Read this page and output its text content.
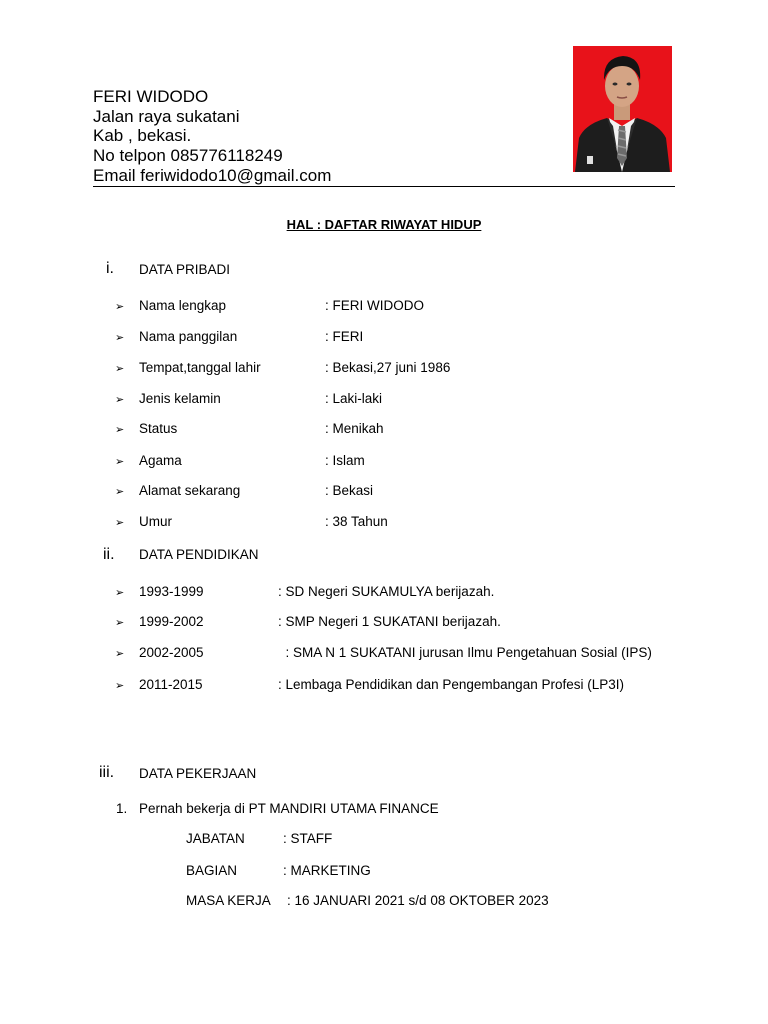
FERI WIDODO
Jalan raya sukatani
Kab , bekasi.
No telpon 085776118249
Email feriwidodo10@gmail.com
HAL : DAFTAR RIWAYAT HIDUP
i. DATA PRIBADI
➢ Nama lengkap	: FERI WIDODO
➢ Nama panggilan	: FERI
➢ Tempat,tanggal lahir	: Bekasi,27 juni 1986
➢ Jenis kelamin	: Laki-laki
➢ Status	: Menikah
➢ Agama	: Islam
➢ Alamat sekarang	: Bekasi
➢ Umur	: 38 Tahun
ii. DATA PENDIDIKAN
➢ 1993-1999	: SD Negeri SUKAMULYA berijazah.
➢ 1999-2002	: SMP Negeri 1 SUKATANI berijazah.
➢ 2002-2005	: SMA N 1 SUKATANI jurusan Ilmu Pengetahuan Sosial (IPS)
➢ 2011-2015	: Lembaga Pendidikan dan Pengembangan Profesi (LP3I)
iii. DATA PEKERJAAN
1. Pernah bekerja di PT MANDIRI UTAMA FINANCE
JABATAN	: STAFF
BAGIAN	: MARKETING
MASA KERJA : 16 JANUARI 2021 s/d 08 OKTOBER 2023
